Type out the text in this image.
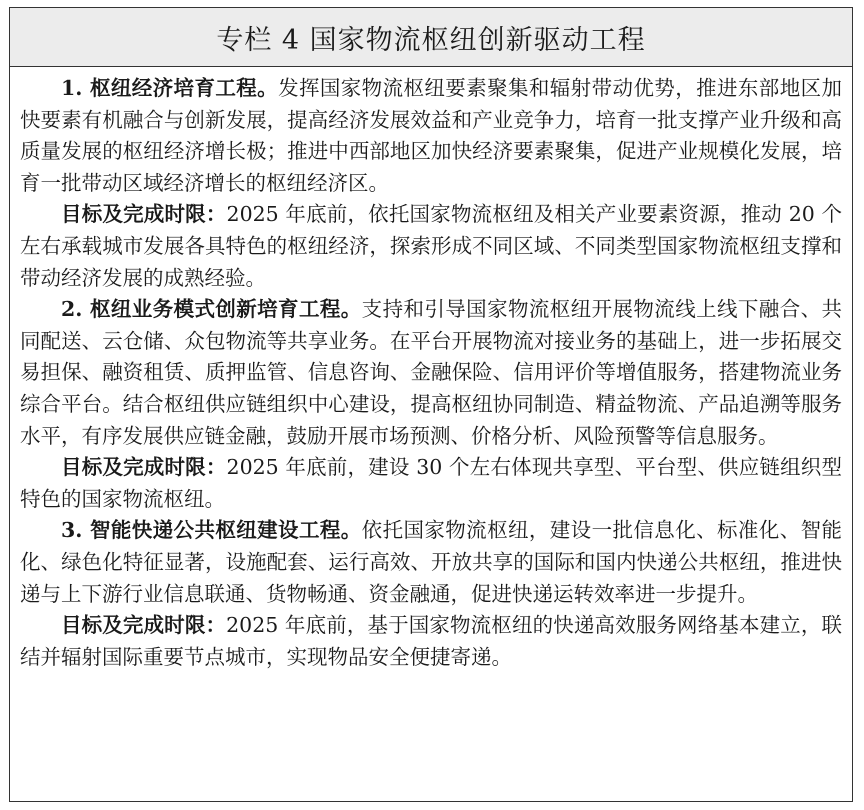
专栏 4 国家物流枢纽创新驱动工程

1. 枢纽经济培育工程。发挥国家物流枢纽要素聚集和辐射带动优势，推进东部地区加快要素有机融合与创新发展，提高经济发展效益和产业竞争力，培育一批支撑产业升级和高质量发展的枢纽经济增长极；推进中西部地区加快经济要素聚集，促进产业规模化发展，培育一批带动区域经济增长的枢纽经济区。

目标及完成时限：2025 年底前，依托国家物流枢纽及相关产业要素资源，推动 20 个左右承载城市发展各具特色的枢纽经济，探索形成不同区域、不同类型国家物流枢纽支撑和带动经济发展的成熟经验。

2. 枢纽业务模式创新培育工程。支持和引导国家物流枢纽开展物流线上线下融合、共同配送、云仓储、众包物流等共享业务。在平台开展物流对接业务的基础上，进一步拓展交易担保、融资租赁、质押监管、信息咨询、金融保险、信用评价等增值服务，搭建物流业务综合平台。结合枢纽供应链组织中心建设，提高枢纽协同制造、精益物流、产品追溯等服务水平，有序发展供应链金融，鼓励开展市场预测、价格分析、风险预警等信息服务。

目标及完成时限：2025 年底前，建设 30 个左右体现共享型、平台型、供应链组织型特色的国家物流枢纽。

3. 智能快递公共枢纽建设工程。依托国家物流枢纽，建设一批信息化、标准化、智能化、绿色化特征显著，设施配套、运行高效、开放共享的国际和国内快递公共枢纽，推进快递与上下游行业信息联通、货物畅通、资金融通，促进快递运转效率进一步提升。

目标及完成时限：2025 年底前，基于国家物流枢纽的快递高效服务网络基本建立，联结并辐射国际重要节点城市，实现物品安全便捷寄递。
